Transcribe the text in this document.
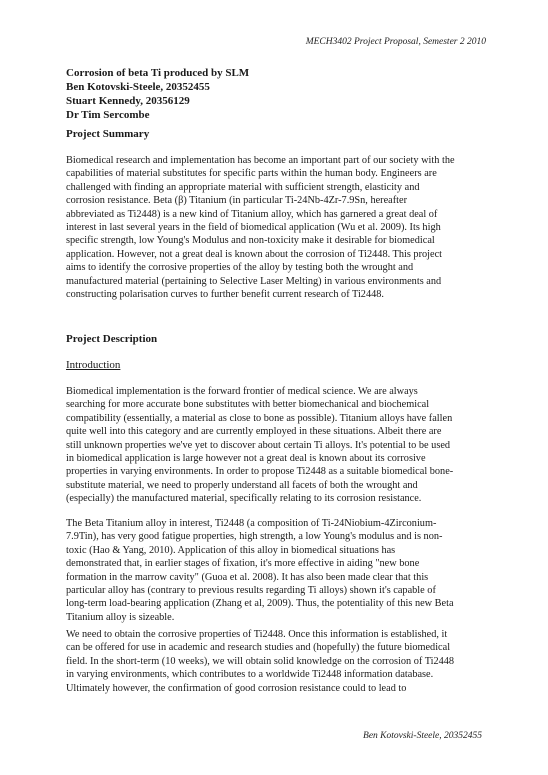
MECH3402 Project Proposal, Semester 2 2010
Corrosion of beta Ti produced by SLM
Ben Kotovski-Steele, 20352455
Stuart Kennedy, 20356129
Dr Tim Sercombe
Project Summary
Biomedical research and implementation has become an important part of our society with the
capabilities of material substitutes for specific parts within the human body. Engineers are
challenged with finding an appropriate material with sufficient strength, elasticity and
corrosion resistance. Beta (β) Titanium (in particular Ti-24Nb-4Zr-7.9Sn, hereafter
abbreviated as Ti2448) is a new kind of Titanium alloy, which has garnered a great deal of
interest in last several years in the field of biomedical application (Wu et al. 2009). Its high
specific strength, low Young's Modulus and non-toxicity make it desirable for biomedical
application. However, not a great deal is known about the corrosion of Ti2448. This project
aims to identify the corrosive properties of the alloy by testing both the wrought and
manufactured material (pertaining to Selective Laser Melting) in various environments and
constructing polarisation curves to further benefit current research of Ti2448.
Project Description
Introduction
Biomedical implementation is the forward frontier of medical science. We are always
searching for more accurate bone substitutes with better biomechanical and biochemical
compatibility (essentially, a material as close to bone as possible). Titanium alloys have fallen
quite well into this category and are currently employed in these situations. Albeit there are
still unknown properties we've yet to discover about certain Ti alloys. It's potential to be used
in biomedical application is large however not a great deal is known about its corrosive
properties in varying environments. In order to propose Ti2448 as a suitable biomedical bone-
substitute material, we need to properly understand all facets of both the wrought and
(especially) the manufactured material, specifically relating to its corrosion resistance.
The Beta Titanium alloy in interest, Ti2448 (a composition of Ti-24Niobium-4Zirconium-
7.9Tin), has very good fatigue properties, high strength, a low Young's modulus and is non-
toxic (Hao & Yang, 2010). Application of this alloy in biomedical situations has
demonstrated that, in earlier stages of fixation, it's more effective in aiding "new bone
formation in the marrow cavity" (Guoa et al. 2008). It has also been made clear that this
particular alloy has (contrary to previous results regarding Ti alloys) shown it's capable of
long-term load-bearing application (Zhang et al, 2009). Thus, the potentiality of this new Beta
Titanium alloy is sizeable.
We need to obtain the corrosive properties of Ti2448. Once this information is established, it
can be offered for use in academic and research studies and (hopefully) the future biomedical
field. In the short-term (10 weeks), we will obtain solid knowledge on the corrosion of Ti2448
in varying environments, which contributes to a worldwide Ti2448 information database.
Ultimately however, the confirmation of good corrosion resistance could to lead to
Ben Kotovski-Steele, 20352455
